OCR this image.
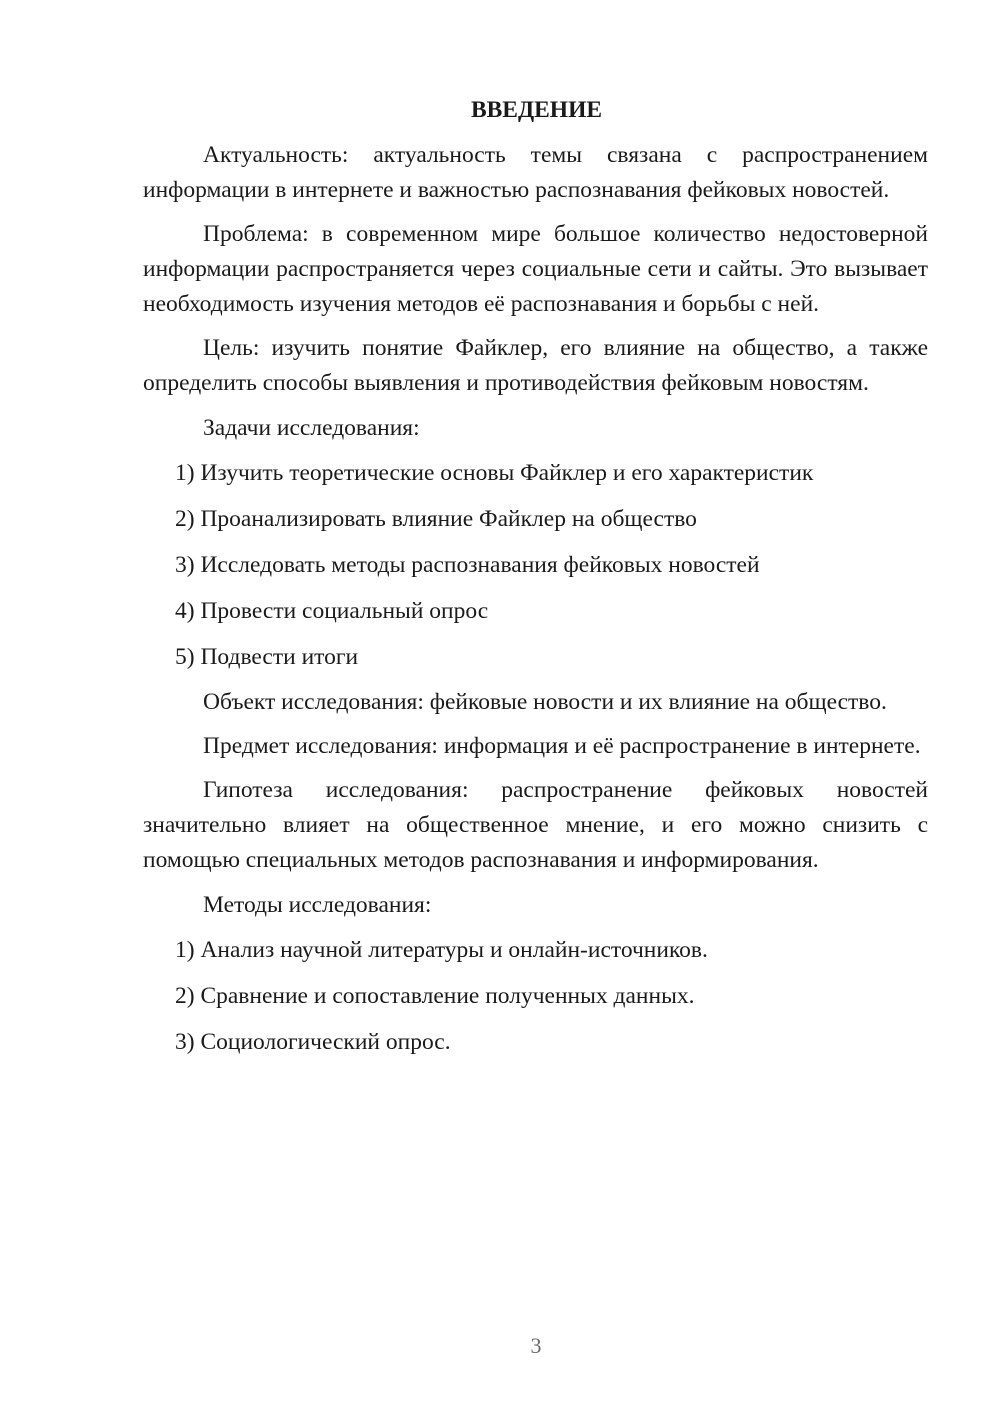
ВВЕДЕНИЕ

Актуальность: актуальность темы связана с распространением информации в интернете и важностью распознавания фейковых новостей.

Проблема: в современном мире большое количество недостоверной информации распространяется через социальные сети и сайты. Это вызывает необходимость изучения методов её распознавания и борьбы с ней.

Цель: изучить понятие Файклер, его влияние на общество, а также определить способы выявления и противодействия фейковым новостям.

Задачи исследования:
1) Изучить теоретические основы Файклер и его характеристик
2) Проанализировать влияние Файклер на общество
3) Исследовать методы распознавания фейковых новостей
4) Провести социальный опрос
5) Подвести итоги

Объект исследования: фейковые новости и их влияние на общество.

Предмет исследования: информация и её распространение в интернете.

Гипотеза исследования: распространение фейковых новостей значительно влияет на общественное мнение, и его можно снизить с помощью специальных методов распознавания и информирования.

Методы исследования:
1) Анализ научной литературы и онлайн-источников.
2) Сравнение и сопоставление полученных данных.
3) Социологический опрос.
3
